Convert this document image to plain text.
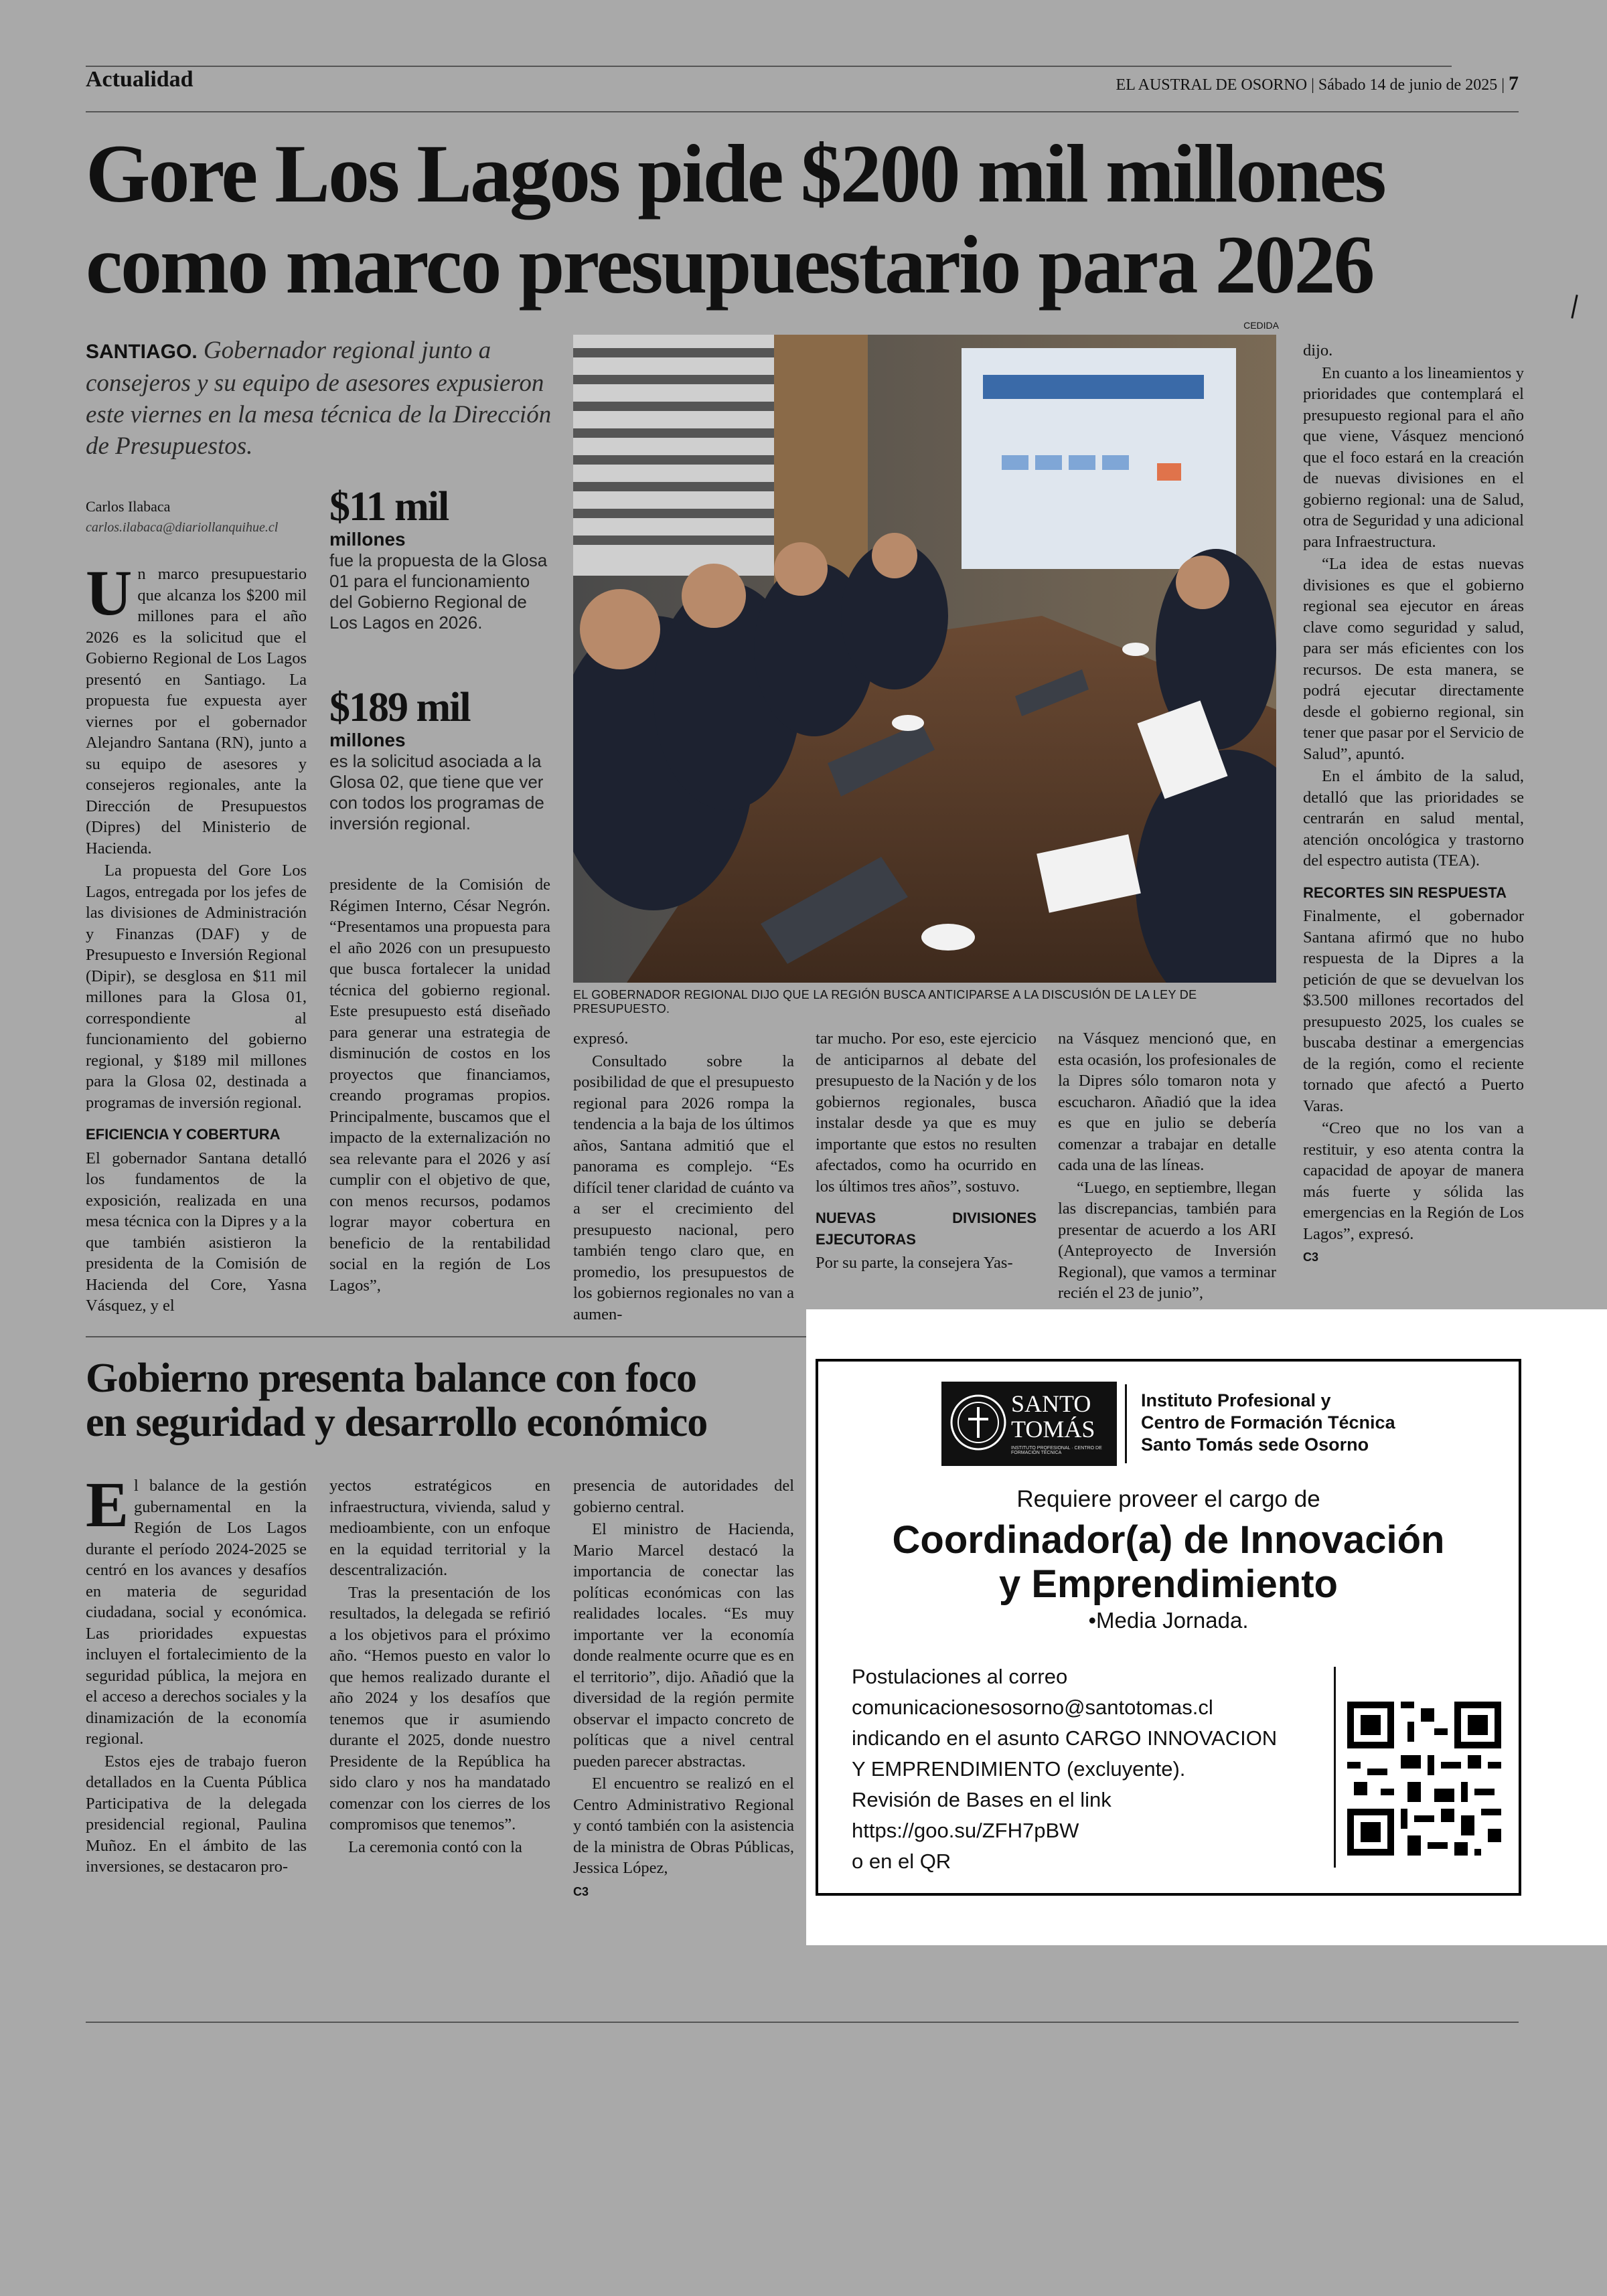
Actualidad	EL AUSTRAL DE OSORNO | Sábado 14 de junio de 2025 | 7
Gore Los Lagos pide $200 mil millones
como marco presupuestario para 2026
SANTIAGO. Gobernador regional junto a consejeros y su equipo de asesores expusieron este viernes en la mesa técnica de la Dirección de Presupuestos.
Carlos Ilabaca
carlos.ilabaca@diariollanquihue.cl	$11 mil
millones
fue la propuesta de la Glosa 01 para el funcionamiento del Gobierno Regional de Los Lagos en 2026.
$189 mil
millones
es la solicitud asociada a la Glosa 02, que tiene que ver con todos los programas de inversión regional.
CEDIDA
EL GOBERNADOR REGIONAL DIJO QUE LA REGIÓN BUSCA ANTICIPARSE A LA DISCUSIÓN DE LA LEY DE PRESUPUESTO.

Un marco presupuestario que alcanza los $200 mil millones para el año 2026 es la solicitud que el Gobierno Regional de Los Lagos presentó en Santiago. La propuesta fue expuesta ayer viernes por el gobernador Alejandro Santana (RN), junto a su equipo de asesores y consejeros regionales, ante la Dirección de Presupuestos (Dipres) del Ministerio de Hacienda.

La propuesta del Gore Los Lagos, entregada por los jefes de las divisiones de Administración y Finanzas (DAF) y de Presupuesto e Inversión Regional (Dipir), se desglosa en $11 mil millones para la Glosa 01, correspondiente al funcionamiento del gobierno regional, y $189 mil millones para la Glosa 02, destinada a programas de inversión regional.

EFICIENCIA Y COBERTURA

El gobernador Santana detalló los fundamentos de la exposición, realizada en una mesa técnica con la Dipres y a la que también asistieron la presidenta de la Comisión de Hacienda del Core, Yasna Vásquez, y el

presidente de la Comisión de Régimen Interno, César Negrón. “Presentamos una propuesta para el año 2026 con un presupuesto que busca fortalecer la unidad técnica del gobierno regional. Este presupuesto está diseñado para generar una estrategia de disminución de costos en los proyectos que financiamos, creando programas propios. Principalmente, buscamos que el impacto de la externalización no sea relevante para el 2026 y así cumplir con el objetivo de que, con menos recursos, podamos lograr mayor cobertura en beneficio de la rentabilidad social en la región de Los Lagos”,

expresó.

Consultado sobre la posibilidad de que el presupuesto regional para 2026 rompa la tendencia a la baja de los últimos años, Santana admitió que el panorama es complejo. “Es difícil tener claridad de cuánto va a ser el crecimiento del presupuesto nacional, pero también tengo claro que, en promedio, los presupuestos de los gobiernos regionales no van a aumen-

tar mucho. Por eso, este ejercicio de anticiparnos al debate del presupuesto de la Nación y de los gobiernos regionales, busca instalar desde ya que es muy importante que estos no resulten afectados, como ha ocurrido en los últimos tres años”, sostuvo.

NUEVAS DIVISIONES EJECUTORAS

Por su parte, la consejera Yas-

na Vásquez mencionó que, en esta ocasión, los profesionales de la Dipres sólo tomaron nota y escucharon. Añadió que la idea es que en julio se debería comenzar a trabajar en detalle cada una de las líneas.

“Luego, en septiembre, llegan las discrepancias, también para presentar de acuerdo a los ARI (Anteproyecto de Inversión Regional), que vamos a terminar recién el 23 de junio”,

dijo.

En cuanto a los lineamientos y prioridades que contemplará el presupuesto regional para el año que viene, Vásquez mencionó que el foco estará en la creación de nuevas divisiones en el gobierno regional: una de Salud, otra de Seguridad y una adicional para Infraestructura.

“La idea de estas nuevas divisiones es que el gobierno regional sea ejecutor en áreas clave como seguridad y salud, para ser más eficientes con los recursos. De esta manera, se podrá ejecutar directamente desde el gobierno regional, sin tener que pasar por el Servicio de Salud”, apuntó.

En el ámbito de la salud, detalló que las prioridades se centrarán en salud mental, atención oncológica y trastorno del espectro autista (TEA).

RECORTES SIN RESPUESTA

Finalmente, el gobernador Santana afirmó que no hubo respuesta de la Dipres a la petición de que se devuelvan los $3.500 millones recortados del presupuesto 2025, los cuales se buscaba destinar a emergencias de la región, como el reciente tornado que afectó a Puerto Varas.

“Creo que no los van a restituir, y eso atenta contra la capacidad de apoyar de manera más fuerte y sólida las emergencias en la Región de Los Lagos”, expresó.

C3
Gobierno presenta balance con foco
en seguridad y desarrollo económico

El balance de la gestión gubernamental en la Región de Los Lagos durante el período 2024-2025 se centró en los avances y desafíos en materia de seguridad ciudadana, social y económica. Las prioridades expuestas incluyen el fortalecimiento de la seguridad pública, la mejora en el acceso a derechos sociales y la dinamización de la economía regional.

Estos ejes de trabajo fueron detallados en la Cuenta Pública Participativa de la delegada presidencial regional, Paulina Muñoz. En el ámbito de las inversiones, se destacaron pro-

yectos estratégicos en infraestructura, vivienda, salud y medioambiente, con un enfoque en la equidad territorial y la descentralización.

Tras la presentación de los resultados, la delegada se refirió a los objetivos para el próximo año. “Hemos puesto en valor lo que hemos realizado durante el año 2024 y los desafíos que tenemos que ir asumiendo durante el 2025, donde nuestro Presidente de la República ha sido claro y nos ha mandatado comenzar con los cierres de los compromisos que tenemos”.

La ceremonia contó con la

presencia de autoridades del gobierno central.

El ministro de Hacienda, Mario Marcel destacó la importancia de conectar las políticas económicas con las realidades locales. “Es muy importante ver la economía donde realmente ocurre que es en el territorio”, dijo. Añadió que la diversidad de la región permite observar el impacto concreto de políticas que a nivel central pueden parecer abstractas.

El encuentro se realizó en el Centro Administrativo Regional y contó también con la asistencia de la ministra de Obras Públicas, Jessica López,

C3
SANTO
TOMÁS
INSTITUTO PROFESIONAL · CENTRO DE FORMACIÓN TÉCNICA
Instituto Profesional y
Centro de Formación Técnica
Santo Tomás sede Osorno
Requiere proveer el cargo de
Coordinador(a) de Innovación
y Emprendimiento
•Media Jornada.
Postulaciones al correo
comunicacionesosorno@santotomas.cl
indicando en el asunto CARGO INNOVACION
Y EMPRENDIMIENTO (excluyente).
Revisión de Bases en el link
https://goo.su/ZFH7pBW
o en el QR
